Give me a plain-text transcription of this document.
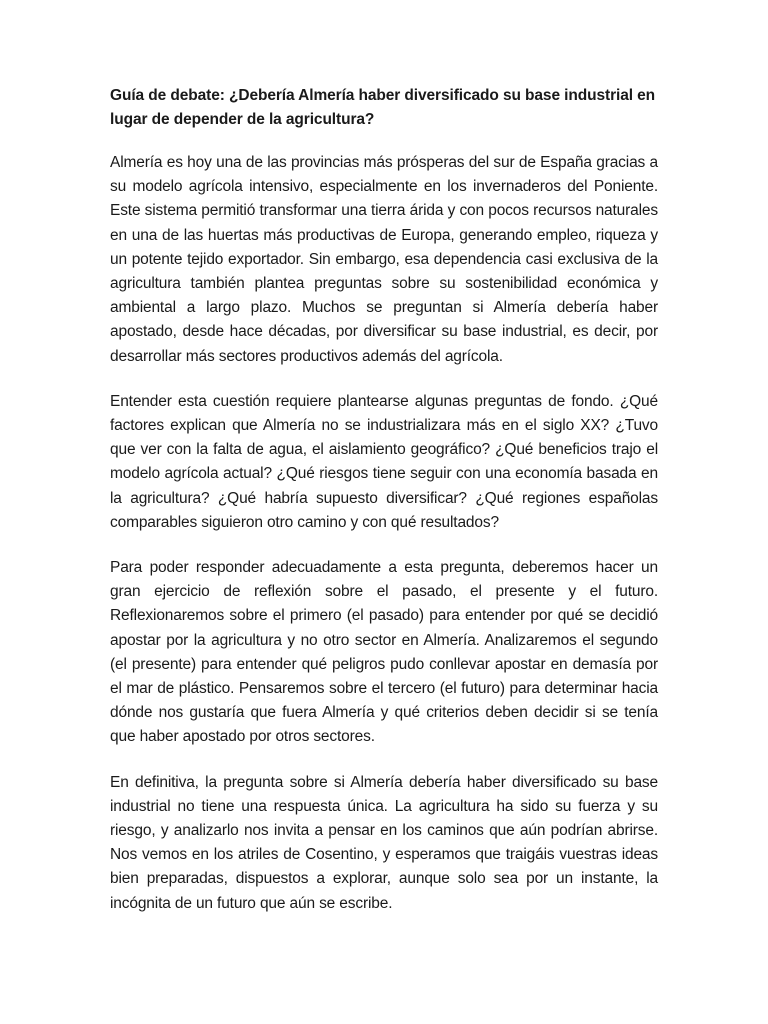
Guía de debate: ¿Debería Almería haber diversificado su base industrial en lugar de depender de la agricultura?

Almería es hoy una de las provincias más prósperas del sur de España gracias a su modelo agrícola intensivo, especialmente en los invernaderos del Poniente. Este sistema permitió transformar una tierra árida y con pocos recursos naturales en una de las huertas más productivas de Europa, generando empleo, riqueza y un potente tejido exportador. Sin embargo, esa dependencia casi exclusiva de la agricultura también plantea preguntas sobre su sostenibilidad económica y ambiental a largo plazo. Muchos se preguntan si Almería debería haber apostado, desde hace décadas, por diversificar su base industrial, es decir, por desarrollar más sectores productivos además del agrícola.

Entender esta cuestión requiere plantearse algunas preguntas de fondo. ¿Qué factores explican que Almería no se industrializara más en el siglo XX? ¿Tuvo que ver con la falta de agua, el aislamiento geográfico? ¿Qué beneficios trajo el modelo agrícola actual? ¿Qué riesgos tiene seguir con una economía basada en la agricultura? ¿Qué habría supuesto diversificar? ¿Qué regiones españolas comparables siguieron otro camino y con qué resultados?

Para poder responder adecuadamente a esta pregunta, deberemos hacer un gran ejercicio de reflexión sobre el pasado, el presente y el futuro. Reflexionaremos sobre el primero (el pasado) para entender por qué se decidió apostar por la agricultura y no otro sector en Almería. Analizaremos el segundo (el presente) para entender qué peligros pudo conllevar apostar en demasía por el mar de plástico. Pensaremos sobre el tercero (el futuro) para determinar hacia dónde nos gustaría que fuera Almería y qué criterios deben decidir si se tenía que haber apostado por otros sectores.

En definitiva, la pregunta sobre si Almería debería haber diversificado su base industrial no tiene una respuesta única. La agricultura ha sido su fuerza y su riesgo, y analizarlo nos invita a pensar en los caminos que aún podrían abrirse. Nos vemos en los atriles de Cosentino, y esperamos que traigáis vuestras ideas bien preparadas, dispuestos a explorar, aunque solo sea por un instante, la incógnita de un futuro que aún se escribe.
